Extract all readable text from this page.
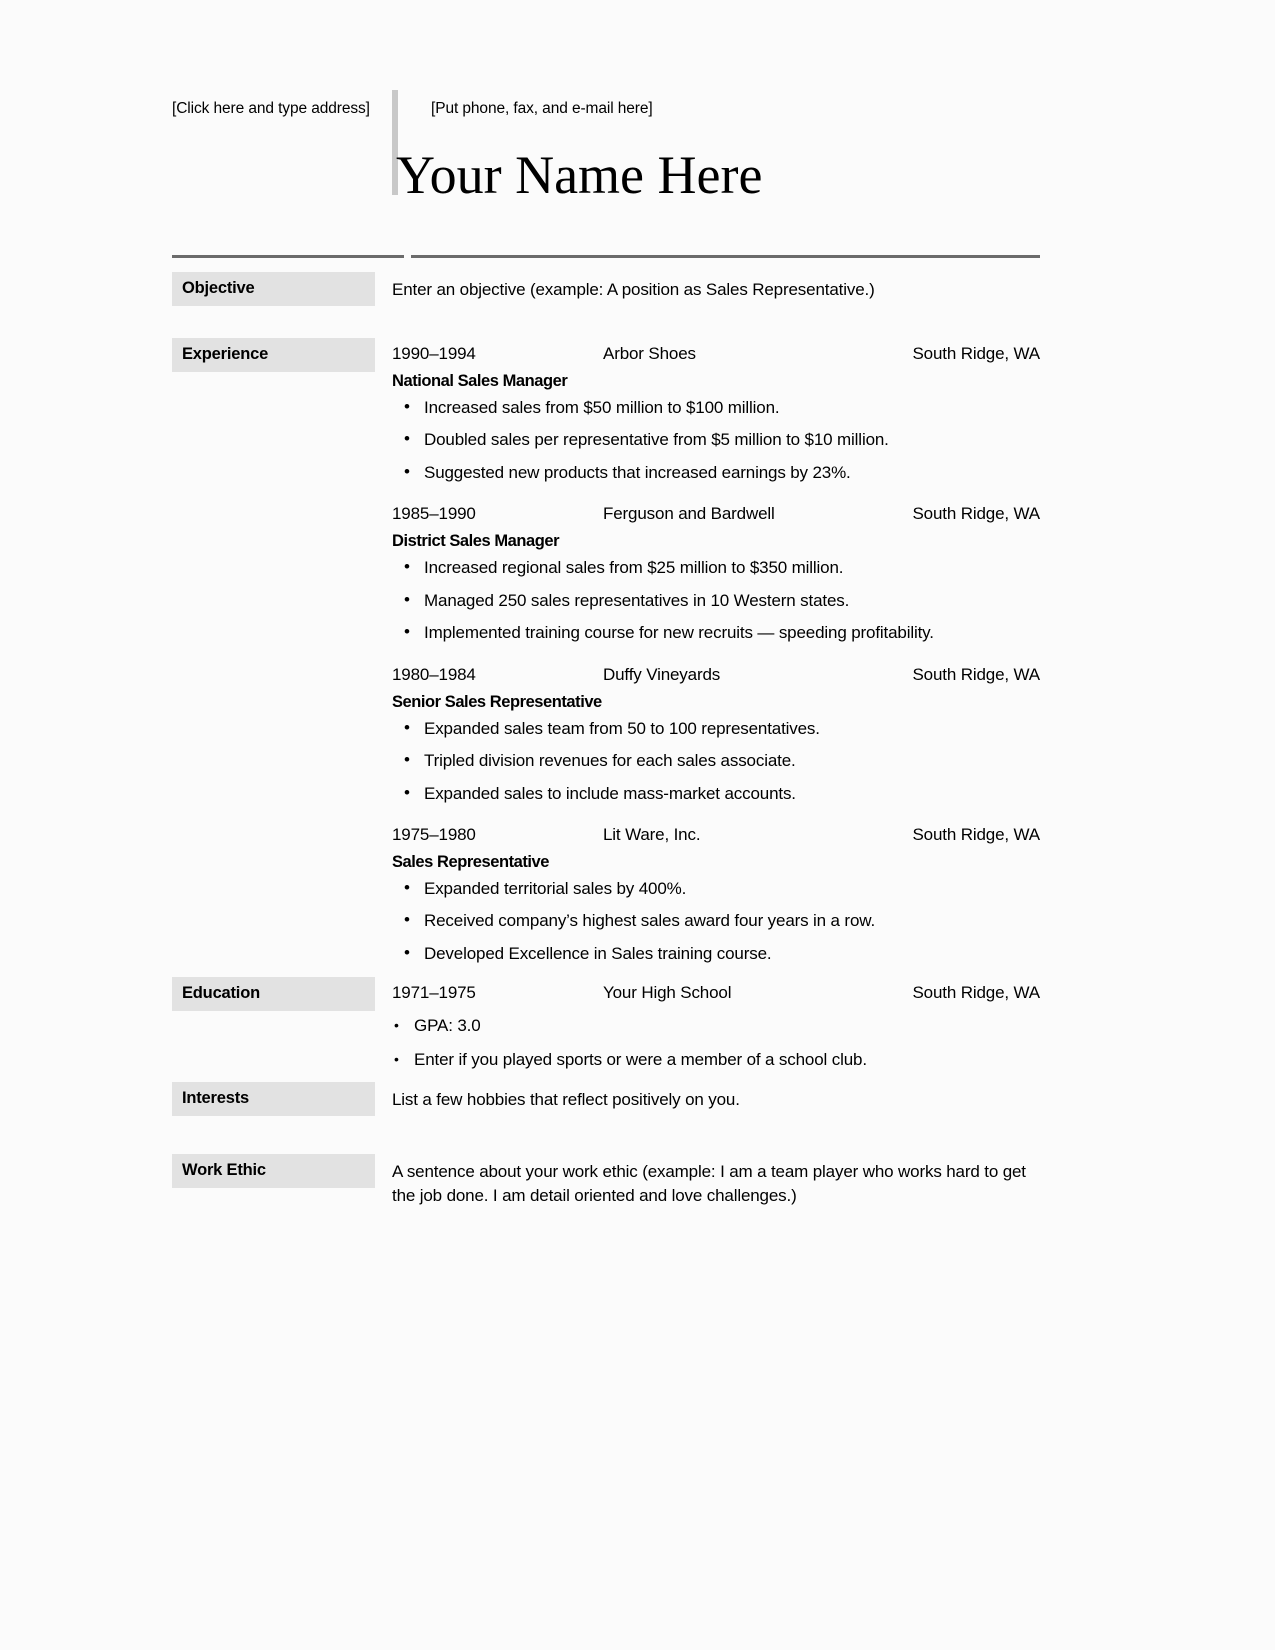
[Click here and type address]	[Put phone, fax, and e-mail here]
Your Name Here
Objective	Enter an objective (example: A position as Sales Representative.)
Experience	1990–1994	Arbor Shoes	South Ridge, WA
National Sales Manager
• Increased sales from $50 million to $100 million.
• Doubled sales per representative from $5 million to $10 million.
• Suggested new products that increased earnings by 23%.
1985–1990	Ferguson and Bardwell	South Ridge, WA
District Sales Manager
• Increased regional sales from $25 million to $350 million.
• Managed 250 sales representatives in 10 Western states.
• Implemented training course for new recruits — speeding profitability.
1980–1984	Duffy Vineyards	South Ridge, WA
Senior Sales Representative
• Expanded sales team from 50 to 100 representatives.
• Tripled division revenues for each sales associate.
• Expanded sales to include mass-market accounts.
1975–1980	Lit Ware, Inc.	South Ridge, WA
Sales Representative
• Expanded territorial sales by 400%.
• Received company’s highest sales award four years in a row.
• Developed Excellence in Sales training course.
Education	1971–1975	Your High School	South Ridge, WA
• GPA: 3.0
• Enter if you played sports or were a member of a school club.
Interests	List a few hobbies that reflect positively on you.
Work Ethic	A sentence about your work ethic (example: I am a team player who works hard to get the job done. I am detail oriented and love challenges.)
